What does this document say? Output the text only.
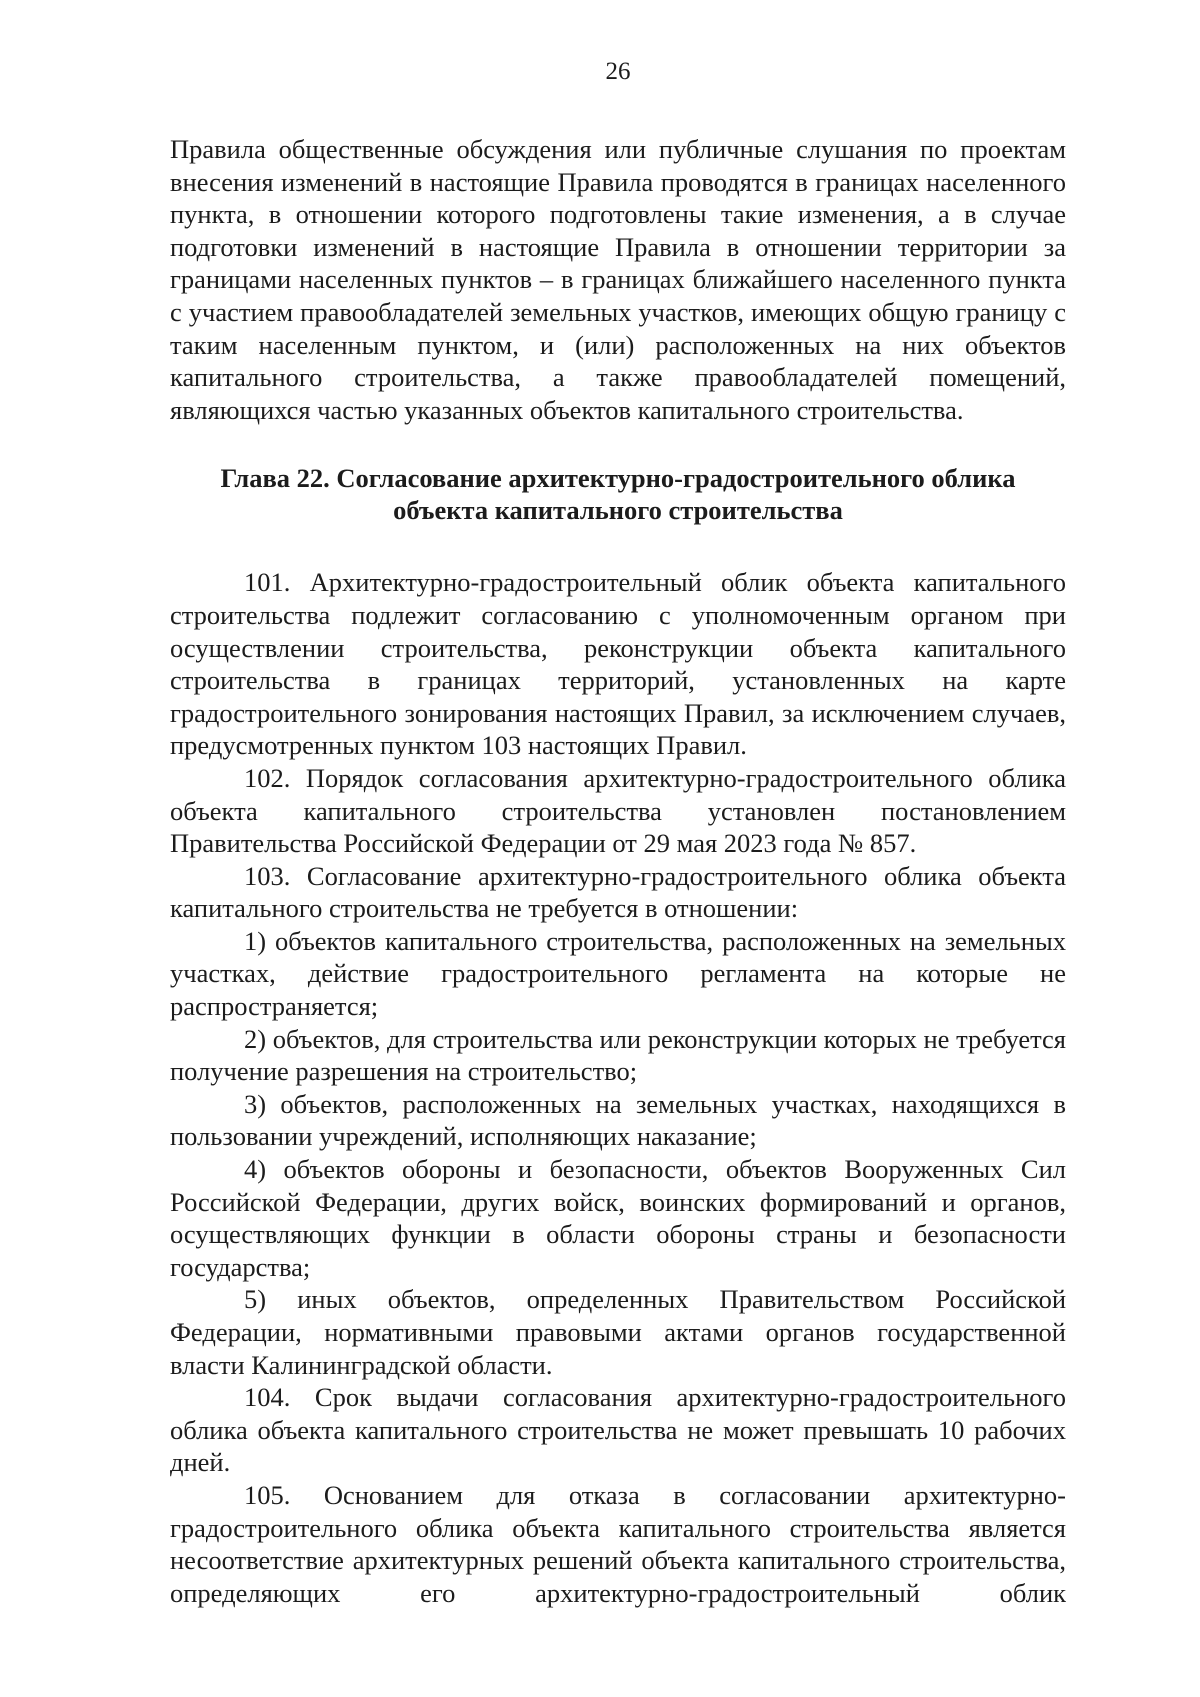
26

Правила общественные обсуждения или публичные слушания по проектам внесения изменений в настоящие Правила проводятся в границах населенного пункта, в отношении которого подготовлены такие изменения, а в случае подготовки изменений в настоящие Правила в отношении территории за границами населенных пунктов – в границах ближайшего населенного пункта с участием правообладателей земельных участков, имеющих общую границу с таким населенным пунктом, и (или) расположенных на них объектов капитального строительства, а также правообладателей помещений, являющихся частью указанных объектов капитального строительства.

Глава 22. Согласование архитектурно-градостроительного облика
объекта капитального строительства

101. Архитектурно-градостроительный облик объекта капитального строительства подлежит согласованию с уполномоченным органом при осуществлении строительства, реконструкции объекта капитального строительства в границах территорий, установленных на карте градостроительного зонирования настоящих Правил, за исключением случаев, предусмотренных пунктом 103 настоящих Правил.

102. Порядок согласования архитектурно-градостроительного облика объекта капитального строительства установлен постановлением Правительства Российской Федерации от 29 мая 2023 года № 857.

103. Согласование архитектурно-градостроительного облика объекта капитального строительства не требуется в отношении:

1) объектов капитального строительства, расположенных на земельных участках, действие градостроительного регламента на которые не распространяется;

2) объектов, для строительства или реконструкции которых не требуется получение разрешения на строительство;

3) объектов, расположенных на земельных участках, находящихся в пользовании учреждений, исполняющих наказание;

4) объектов обороны и безопасности, объектов Вооруженных Сил Российской Федерации, других войск, воинских формирований и органов, осуществляющих функции в области обороны страны и безопасности государства;

5) иных объектов, определенных Правительством Российской Федерации, нормативными правовыми актами органов государственной власти Калининградской области.

104. Срок выдачи согласования архитектурно-градостроительного облика объекта капитального строительства не может превышать 10 рабочих дней.

105. Основанием для отказа в согласовании архитектурно-градостроительного облика объекта капитального строительства является несоответствие архитектурных решений объекта капитального строительства, определяющих его архитектурно-градостроительный облик
